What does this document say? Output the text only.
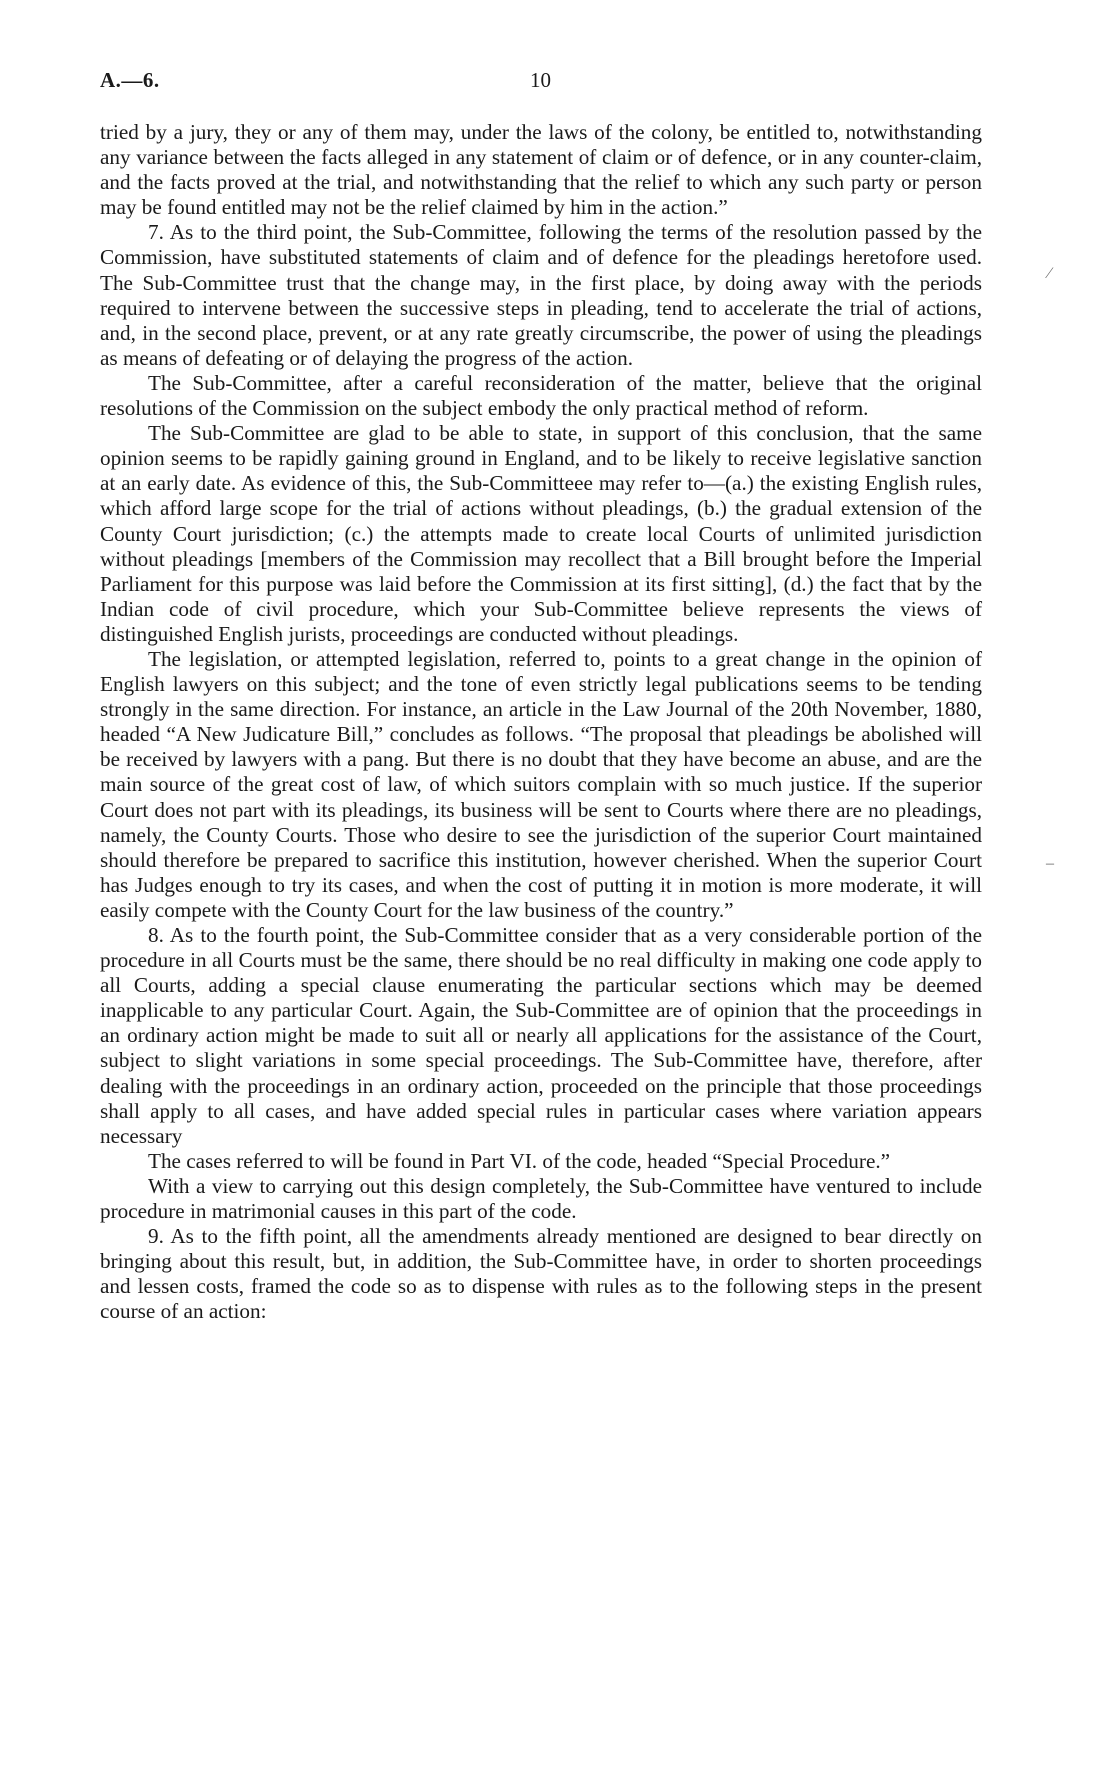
A.—6.	10

tried by a jury, they or any of them may, under the laws of the colony, be entitled to, notwithstanding any variance between the facts alleged in any statement of claim or of defence, or in any counter-claim, and the facts proved at the trial, and notwithstanding that the relief to which any such party or person may be found entitled may not be the relief claimed by him in the action.”

7. As to the third point, the Sub-Committee, following the terms of the resolution passed by the Commission, have substituted statements of claim and of defence for the pleadings heretofore used. The Sub-Committee trust that the change may, in the first place, by doing away with the periods required to intervene between the successive steps in pleading, tend to accelerate the trial of actions, and, in the second place, prevent, or at any rate greatly circumscribe, the power of using the pleadings as means of defeating or of delaying the progress of the action.

The Sub-Committee, after a careful reconsideration of the matter, believe that the original resolutions of the Commission on the subject embody the only practical method of reform.

The Sub-Committee are glad to be able to state, in support of this conclusion, that the same opinion seems to be rapidly gaining ground in England, and to be likely to receive legislative sanction at an early date. As evidence of this, the Sub-Committeee may refer to—(a.) the existing English rules, which afford large scope for the trial of actions without pleadings, (b.) the gradual extension of the County Court jurisdiction; (c.) the attempts made to create local Courts of unlimited jurisdiction without pleadings [members of the Commission may recollect that a Bill brought before the Imperial Parliament for this purpose was laid before the Commission at its first sitting], (d.) the fact that by the Indian code of civil procedure, which your Sub-Committee believe represents the views of distinguished English jurists, proceedings are conducted without pleadings.

The legislation, or attempted legislation, referred to, points to a great change in the opinion of English lawyers on this subject; and the tone of even strictly legal publications seems to be tending strongly in the same direction. For instance, an article in the Law Journal of the 20th November, 1880, headed “A New Judicature Bill,” concludes as follows. “The proposal that pleadings be abolished will be received by lawyers with a pang. But there is no doubt that they have become an abuse, and are the main source of the great cost of law, of which suitors complain with so much justice. If the superior Court does not part with its pleadings, its business will be sent to Courts where there are no pleadings, namely, the County Courts. Those who desire to see the jurisdiction of the superior Court maintained should therefore be prepared to sacrifice this institution, however cherished. When the superior Court has Judges enough to try its cases, and when the cost of putting it in motion is more moderate, it will easily compete with the County Court for the law business of the country.”

8. As to the fourth point, the Sub-Committee consider that as a very considerable portion of the procedure in all Courts must be the same, there should be no real difficulty in making one code apply to all Courts, adding a special clause enumerating the particular sections which may be deemed inapplicable to any particular Court. Again, the Sub-Committee are of opinion that the proceedings in an ordinary action might be made to suit all or nearly all applications for the assistance of the Court, subject to slight variations in some special proceedings. The Sub-Committee have, therefore, after dealing with the proceedings in an ordinary action, proceeded on the principle that those proceedings shall apply to all cases, and have added special rules in particular cases where variation appears necessary

The cases referred to will be found in Part VI. of the code, headed “Special Procedure.”

With a view to carrying out this design completely, the Sub-Committee have ventured to include procedure in matrimonial causes in this part of the code.

9. As to the fifth point, all the amendments already mentioned are designed to bear directly on bringing about this result, but, in addition, the Sub-Committee have, in order to shorten proceedings and lessen costs, framed the code so as to dispense with rules as to the following steps in the present course of an action:

⁄
–
